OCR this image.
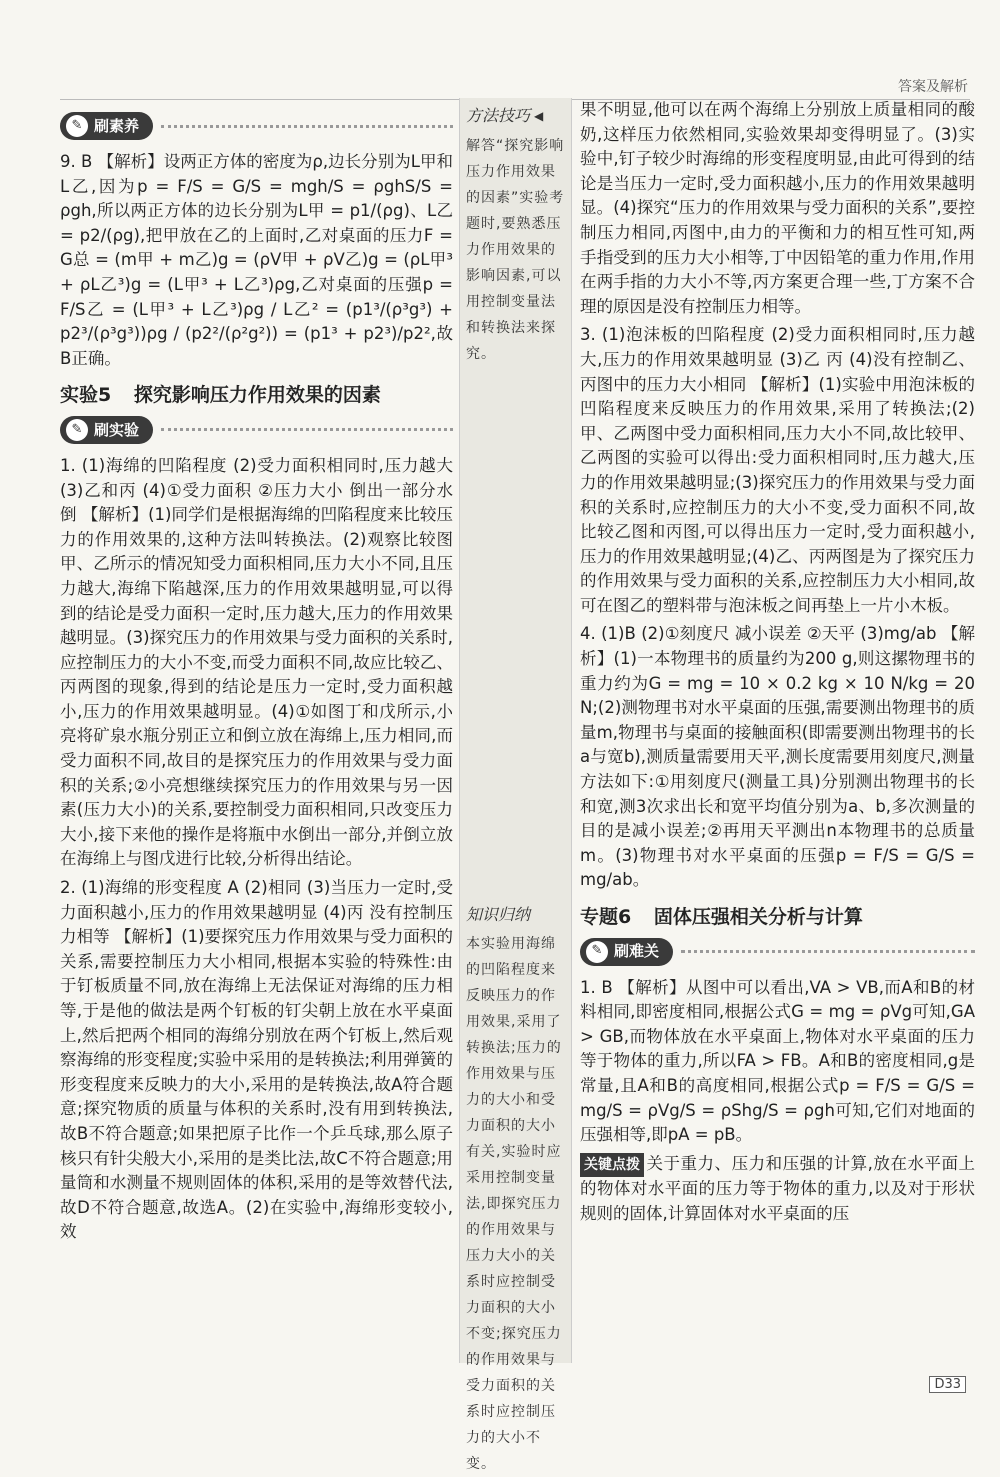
答案及解析
✎ 刷素养

9. B 【解析】设两正方体的密度为ρ,边长分别为L甲和L乙,因为p = F/S = G/S = mgh/S = ρghS/S = ρgh,所以两正方体的边长分别为L甲 = p1/(ρg)、L乙 = p2/(ρg),把甲放在乙的上面时,乙对桌面的压力F = G总 = (m甲 + m乙)g = (ρV甲 + ρV乙)g = (ρL甲³ + ρL乙³)g = (L甲³ + L乙³)ρg,乙对桌面的压强p = F/S乙 = (L甲³ + L乙³)ρg / L乙² = (p1³/(ρ³g³) + p2³/(ρ³g³))ρg / (p2²/(ρ²g²)) = (p1³ + p2³)/p2²,故B正确。

实验5 探究影响压力作用效果的因素
✎ 刷实验

1. (1)海绵的凹陷程度 (2)受力面积相同时,压力越大 (3)乙和丙 (4)①受力面积 ②压力大小 倒出一部分水 倒 【解析】(1)同学们是根据海绵的凹陷程度来比较压力的作用效果的,这种方法叫转换法。(2)观察比较图甲、乙所示的情况知受力面积相同,压力大小不同,且压力越大,海绵下陷越深,压力的作用效果越明显,可以得到的结论是受力面积一定时,压力越大,压力的作用效果越明显。(3)探究压力的作用效果与受力面积的关系时,应控制压力的大小不变,而受力面积不同,故应比较乙、丙两图的现象,得到的结论是压力一定时,受力面积越小,压力的作用效果越明显。(4)①如图丁和戊所示,小亮将矿泉水瓶分别正立和倒立放在海绵上,压力相同,而受力面积不同,故目的是探究压力的作用效果与受力面积的关系;②小亮想继续探究压力的作用效果与另一因素(压力大小)的关系,要控制受力面积相同,只改变压力大小,接下来他的操作是将瓶中水倒出一部分,并倒立放在海绵上与图戊进行比较,分析得出结论。

2. (1)海绵的形变程度 A (2)相同 (3)当压力一定时,受力面积越小,压力的作用效果越明显 (4)丙 没有控制压力相等 【解析】(1)要探究压力作用效果与受力面积的关系,需要控制压力大小相同,根据本实验的特殊性:由于钉板质量不同,放在海绵上无法保证对海绵的压力相等,于是他的做法是两个钉板的钉尖朝上放在水平桌面上,然后把两个相同的海绵分别放在两个钉板上,然后观察海绵的形变程度;实验中采用的是转换法;利用弹簧的形变程度来反映力的大小,采用的是转换法,故A符合题意;探究物质的质量与体积的关系时,没有用到转换法,故B不符合题意;如果把原子比作一个乒乓球,那么原子核只有针尖般大小,采用的是类比法,故C不符合题意;用量筒和水测量不规则固体的体积,采用的是等效替代法,故D不符合题意,故选A。(2)在实验中,海绵形变较小,效

方法技巧 ◀
解答“探究影响压力作用效果的因素”实验考题时,要熟悉压力作用效果的影响因素,可以用控制变量法和转换法来探究。
知识归纳
本实验用海绵的凹陷程度来反映压力的作用效果,采用了转换法;压力的作用效果与压力的大小和受力面积的大小有关,实验时应采用控制变量法,即探究压力的作用效果与压力大小的关系时应控制受力面积的大小不变;探究压力的作用效果与受力面积的关系时应控制压力的大小不变。

果不明显,他可以在两个海绵上分别放上质量相同的酸奶,这样压力依然相同,实验效果却变得明显了。(3)实验中,钉子较少时海绵的形变程度明显,由此可得到的结论是当压力一定时,受力面积越小,压力的作用效果越明显。(4)探究“压力的作用效果与受力面积的关系”,要控制压力相同,丙图中,由力的平衡和力的相互性可知,两手指受到的压力大小相等,丁中因铅笔的重力作用,作用在两手指的力大小不等,丙方案更合理一些,丁方案不合理的原因是没有控制压力相等。

3. (1)泡沫板的凹陷程度 (2)受力面积相同时,压力越大,压力的作用效果越明显 (3)乙 丙 (4)没有控制乙、丙图中的压力大小相同 【解析】(1)实验中用泡沫板的凹陷程度来反映压力的作用效果,采用了转换法;(2)甲、乙两图中受力面积相同,压力大小不同,故比较甲、乙两图的实验可以得出:受力面积相同时,压力越大,压力的作用效果越明显;(3)探究压力的作用效果与受力面积的关系时,应控制压力的大小不变,受力面积不同,故比较乙图和丙图,可以得出压力一定时,受力面积越小,压力的作用效果越明显;(4)乙、丙两图是为了探究压力的作用效果与受力面积的关系,应控制压力大小相同,故可在图乙的塑料带与泡沫板之间再垫上一片小木板。

4. (1)B (2)①刻度尺 减小误差 ②天平 (3)mg/ab 【解析】(1)一本物理书的质量约为200 g,则这摞物理书的重力约为G = mg = 10 × 0.2 kg × 10 N/kg = 20 N;(2)测物理书对水平桌面的压强,需要测出物理书的质量m,物理书与桌面的接触面积(即需要测出物理书的长a与宽b),测质量需要用天平,测长度需要用刻度尺,测量方法如下:①用刻度尺(测量工具)分别测出物理书的长和宽,测3次求出长和宽平均值分别为a、b,多次测量的目的是减小误差;②再用天平测出n本物理书的总质量m。(3)物理书对水平桌面的压强p = F/S = G/S = mg/ab。

专题6 固体压强相关分析与计算
✎ 刷难关

1. B 【解析】从图中可以看出,VA > VB,而A和B的材料相同,即密度相同,根据公式G = mg = ρVg可知,GA > GB,而物体放在水平桌面上,物体对水平桌面的压力等于物体的重力,所以FA > FB。A和B的密度相同,g是常量,且A和B的高度相同,根据公式p = F/S = G/S = mg/S = ρVg/S = ρShg/S = ρgh可知,它们对地面的压强相等,即pA = pB。

关键点拨 关于重力、压力和压强的计算,放在水平面上的物体对水平面的压力等于物体的重力,以及对于形状规则的固体,计算固体对水平桌面的压

D33
